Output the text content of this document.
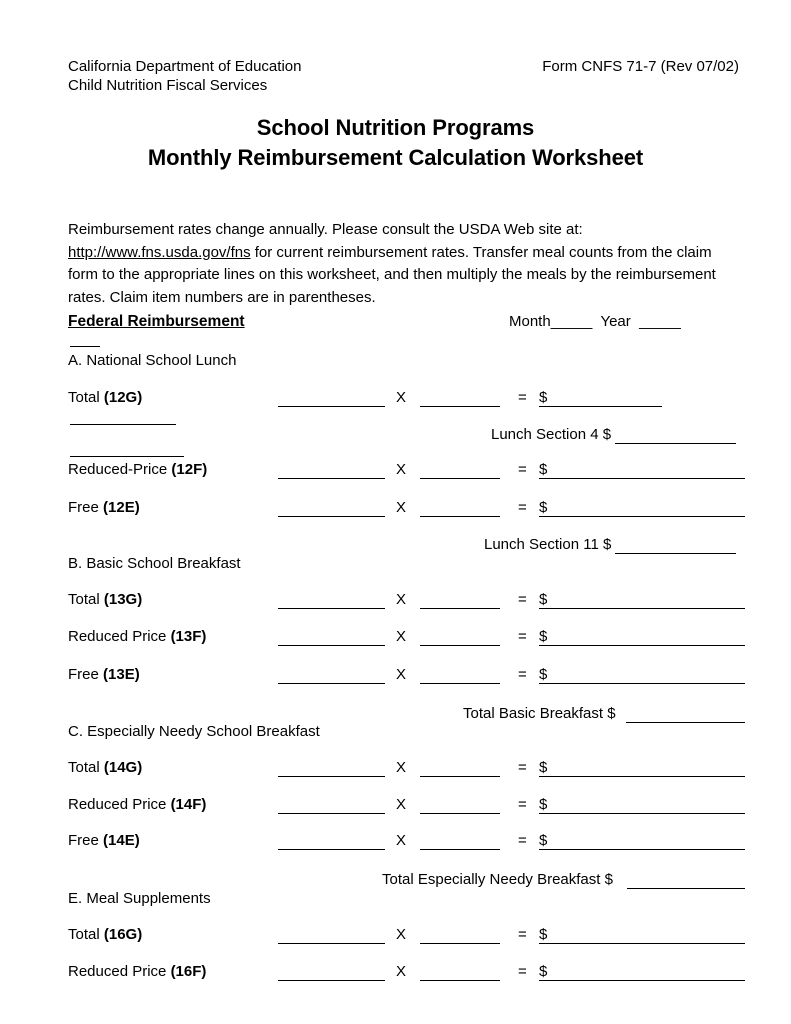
California Department of Education
Child Nutrition Fiscal Services
Form CNFS 71-7 (Rev 07/02)
School Nutrition Programs
Monthly Reimbursement Calculation Worksheet
Reimbursement rates change annually. Please consult the USDA Web site at:
http://www.fns.usda.gov/fns for current reimbursement rates. Transfer meal counts from the claim form to the appropriate lines on this worksheet, and then multiply the meals by the reimbursement rates. Claim item numbers are in parentheses.
Federal Reimbursement	Month_____  Year  _____
A. National School Lunch
Total (12G)	X	= $
Lunch Section 4 $
Reduced-Price (12F)	X	= $
Free (12E)	X	= $
Lunch Section 11 $
B. Basic School Breakfast
Total (13G)	X	= $
Reduced Price (13F)	X	= $
Free (13E)	X	= $
Total Basic Breakfast $
C. Especially Needy School Breakfast
Total (14G)	X	= $
Reduced Price (14F)	X	= $
Free (14E)	X	= $
Total Especially Needy Breakfast $
E. Meal Supplements
Total (16G)	X	= $
Reduced Price (16F)	X	= $
